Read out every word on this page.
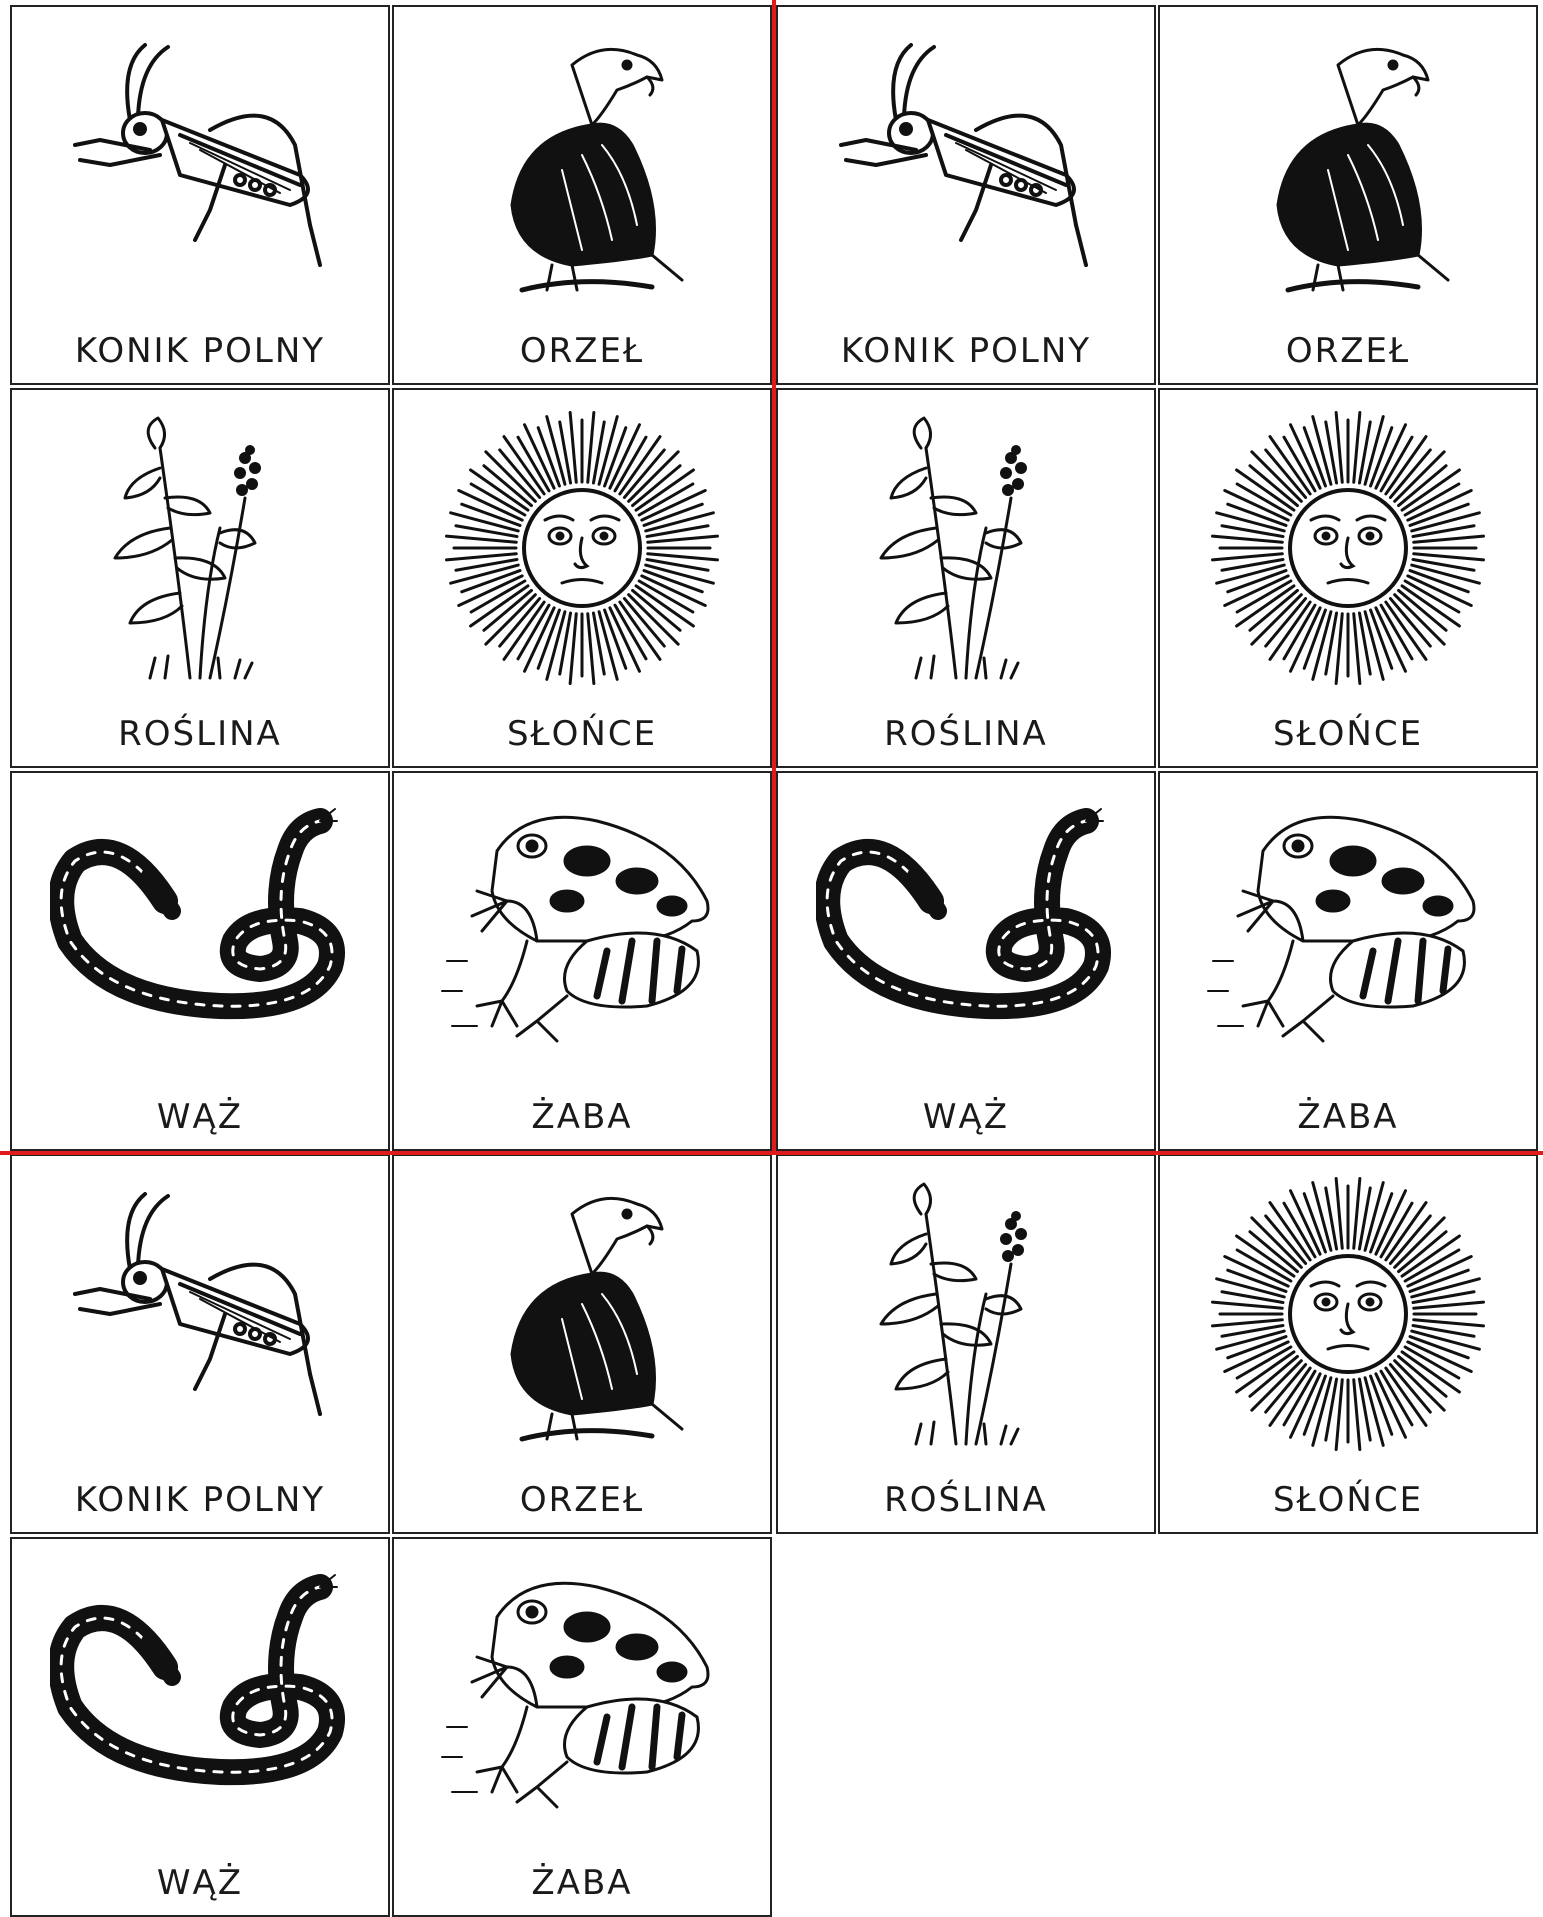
KONIK POLNY	ORZEŁ	KONIK POLNY	ORZEŁ
ROŚLINA	SŁOŃCE	ROŚLINA	SŁOŃCE
WĄŻ	ŻABA	WĄŻ	ŻABA
KONIK POLNY	ORZEŁ	ROŚLINA	SŁOŃCE
WĄŻ	ŻABA
